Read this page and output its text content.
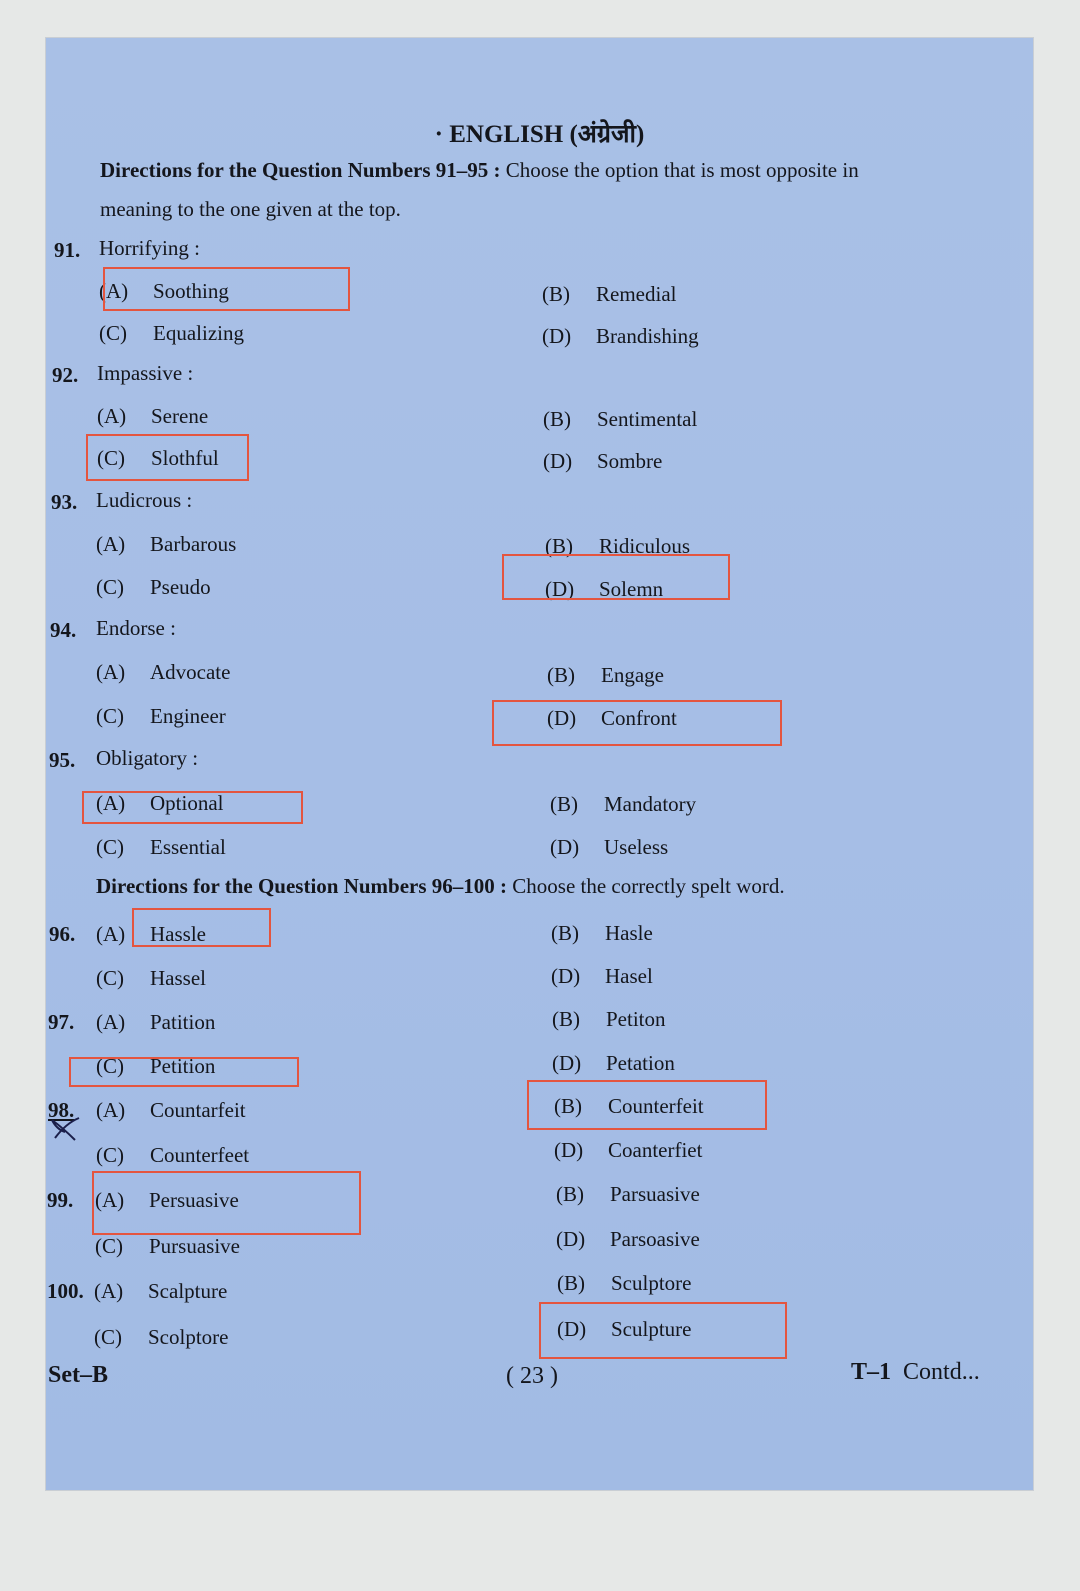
· ENGLISH (अंग्रेजी)
Directions for the Question Numbers 91–95 : Choose the option that is most opposite in
meaning to the one given at the top.
91. Horrifying :
(A) Soothing	(B) Remedial
(C) Equalizing	(D) Brandishing
92. Impassive :
(A) Serene	(B) Sentimental
(C) Slothful	(D) Sombre
93. Ludicrous :
(A) Barbarous	(B) Ridiculous
(C) Pseudo	(D) Solemn
94. Endorse :
(A) Advocate	(B) Engage
(C) Engineer	(D) Confront
95. Obligatory :
(A) Optional	(B) Mandatory
(C) Essential	(D) Useless
Directions for the Question Numbers 96–100 : Choose the correctly spelt word.
96. (A) Hassle	(B) Hasle
(C) Hassel	(D) Hasel
97. (A) Patition	(B) Petiton
(C) Petition	(D) Petation
98. (A) Countarfeit	(B) Counterfeit
(C) Counterfeet	(D) Coanterfiet
99. (A) Persuasive	(B) Parsuasive
(C) Pursuasive	(D) Parsoasive
100. (A) Scalpture	(B) Sculptore
(C) Scolptore	(D) Sculpture
Set–B	( 23 )	T–1 Contd...
